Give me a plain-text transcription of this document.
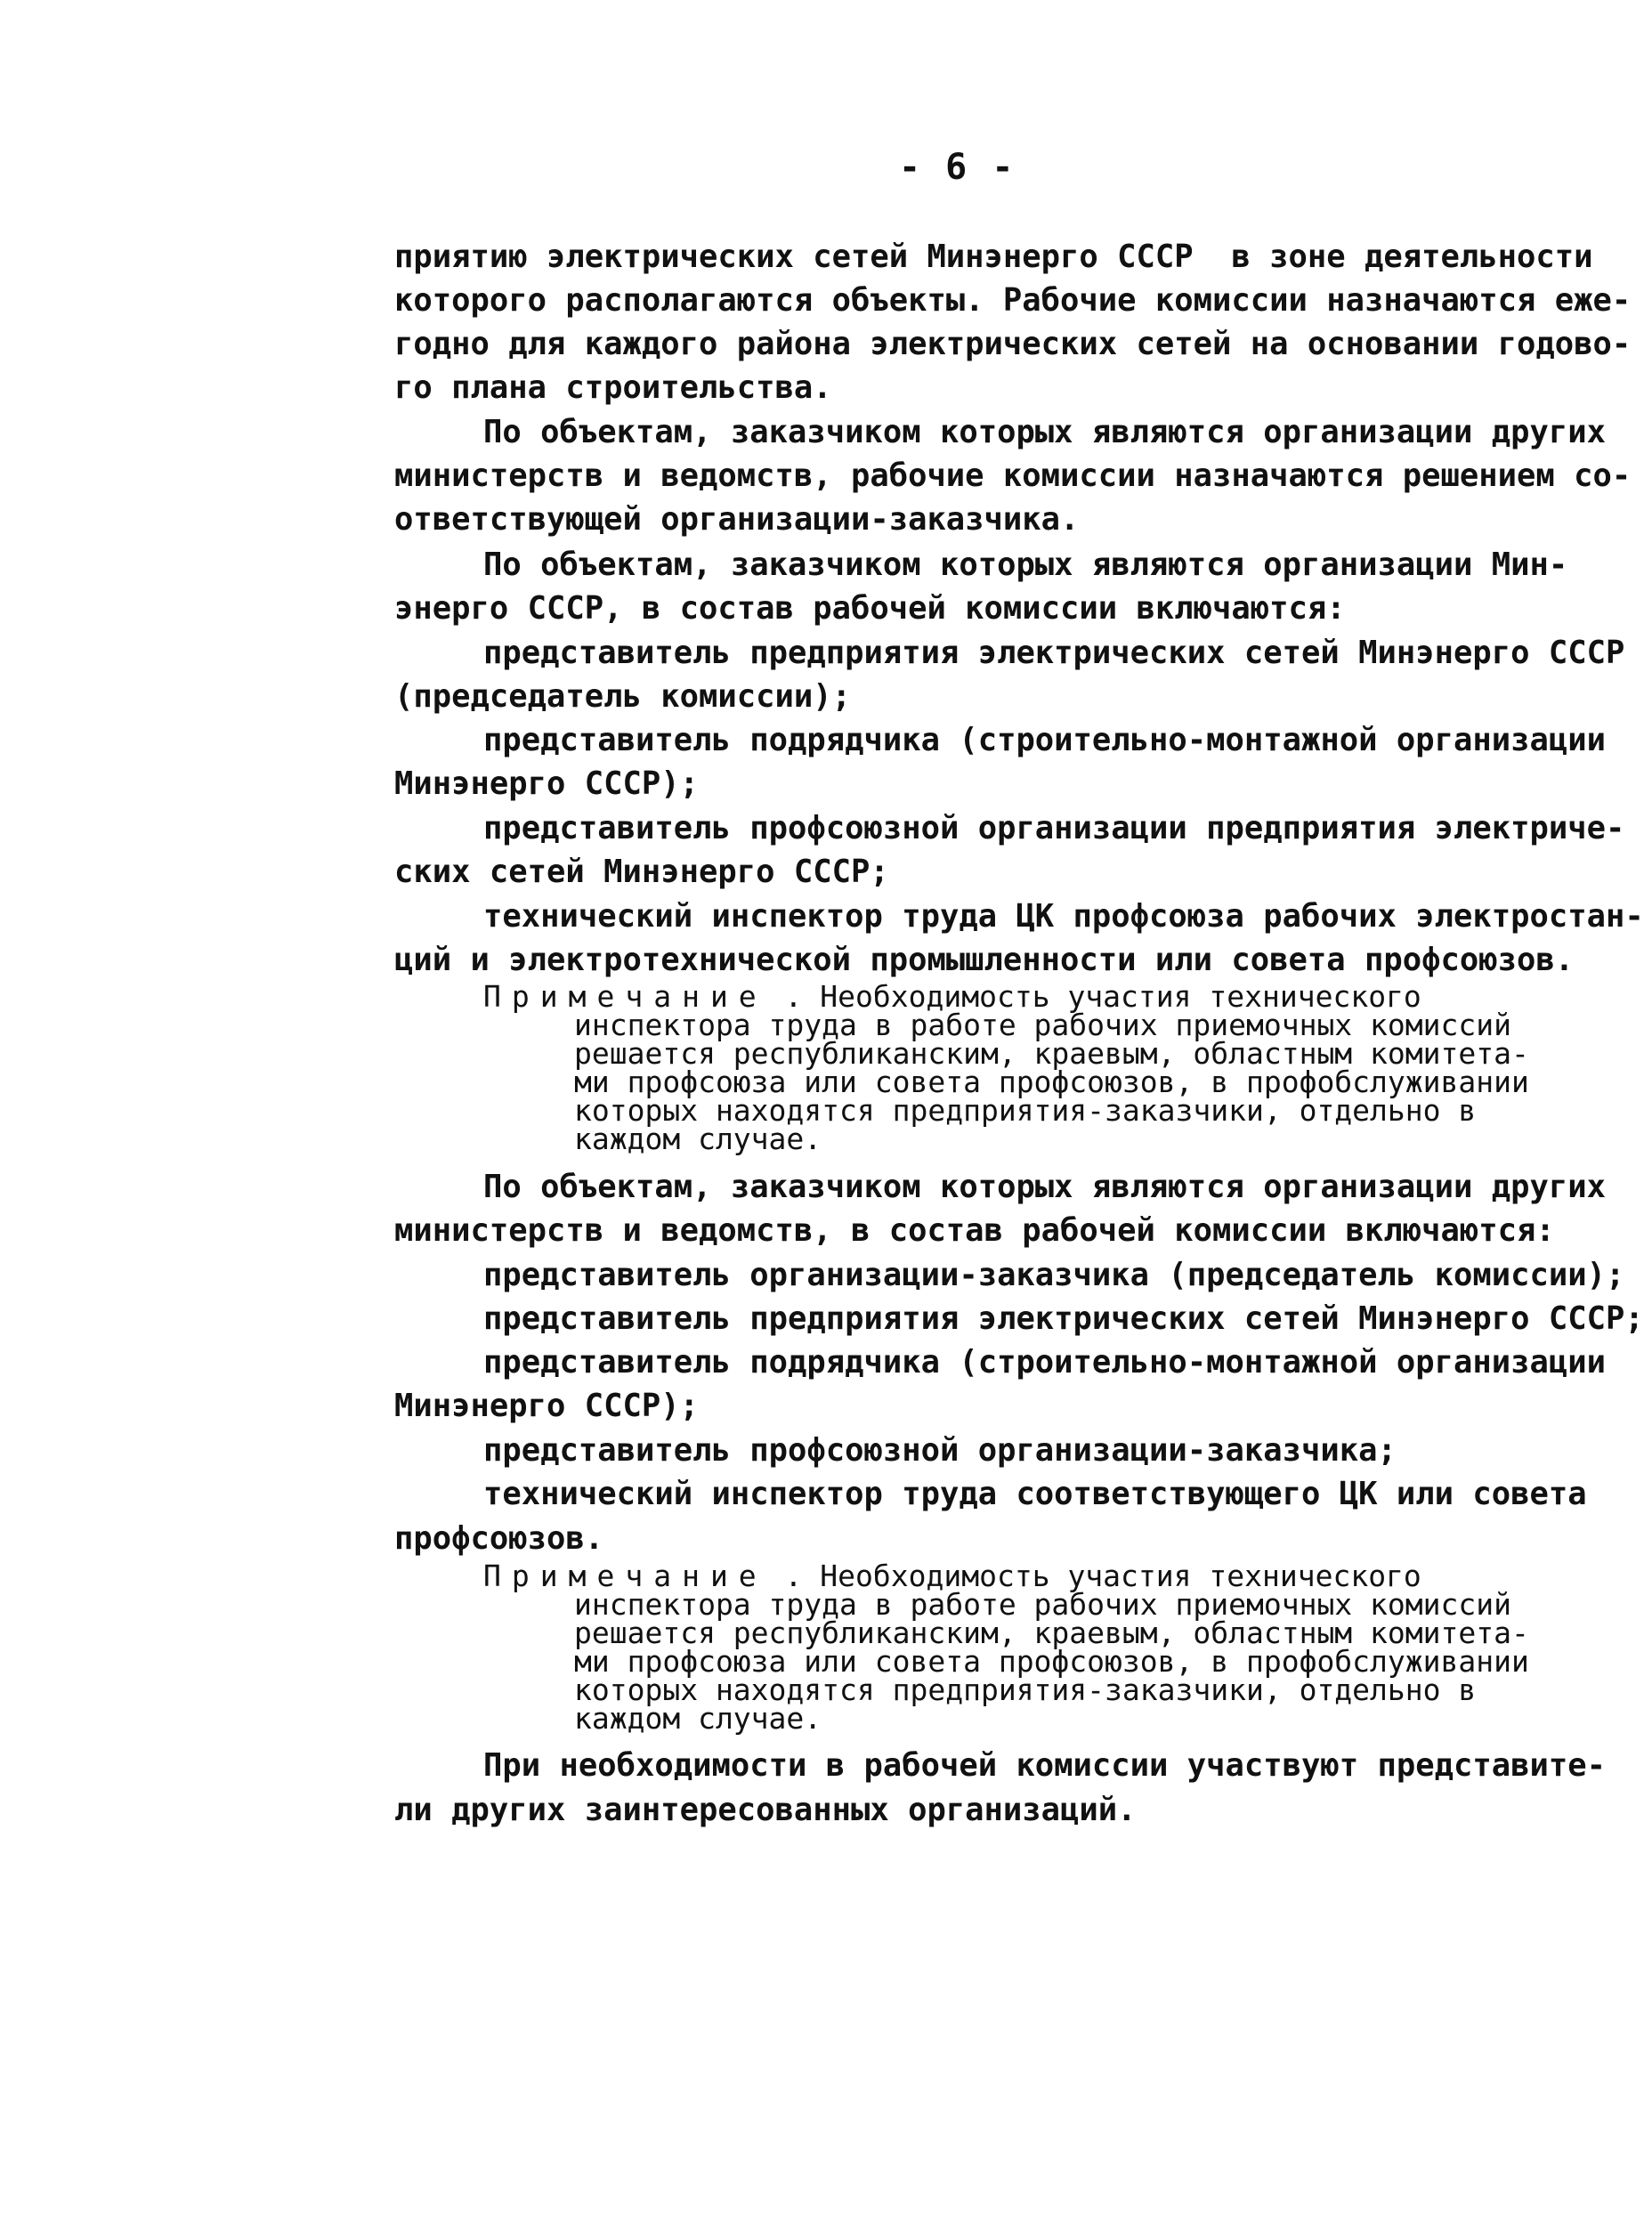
- 6 -
приятию электрических сетей Минэнерго СССР  в зоне деятельности
которого располагаются объекты. Рабочие комиссии назначаются еже-
годно для каждого района электрических сетей на основании годово-
го плана строительства.
По объектам, заказчиком которых являются организации других
министерств и ведомств, рабочие комиссии назначаются решением со-
ответствующей организации-заказчика.
По объектам, заказчиком которых являются организации Мин-
энерго СССР, в состав рабочей комиссии включаются:
представитель предприятия электрических сетей Минэнерго СССР
(председатель комиссии);
представитель подрядчика (строительно-монтажной организации
Минэнерго СССР);
представитель профсоюзной организации предприятия электриче-
ских сетей Минэнерго СССР;
технический инспектор труда ЦК профсоюза рабочих электростан-
ций и электротехнической промышленности или совета профсоюзов.
Примечание . Необходимость участия технического
инспектора труда в работе рабочих приемочных комиссий
решается республиканским, краевым, областным комитета-
ми профсоюза или совета профсоюзов, в профобслуживании
которых находятся предприятия-заказчики, отдельно в
каждом случае.
По объектам, заказчиком которых являются организации других
министерств и ведомств, в состав рабочей комиссии включаются:
представитель организации-заказчика (председатель комиссии);
представитель предприятия электрических сетей Минэнерго СССР;
представитель подрядчика (строительно-монтажной организации
Минэнерго СССР);
представитель профсоюзной организации-заказчика;
технический инспектор труда соответствующего ЦК или совета
профсоюзов.
Примечание . Необходимость участия технического
инспектора труда в работе рабочих приемочных комиссий
решается республиканским, краевым, областным комитета-
ми профсоюза или совета профсоюзов, в профобслуживании
которых находятся предприятия-заказчики, отдельно в
каждом случае.
При необходимости в рабочей комиссии участвуют представите-
ли других заинтересованных организаций.
